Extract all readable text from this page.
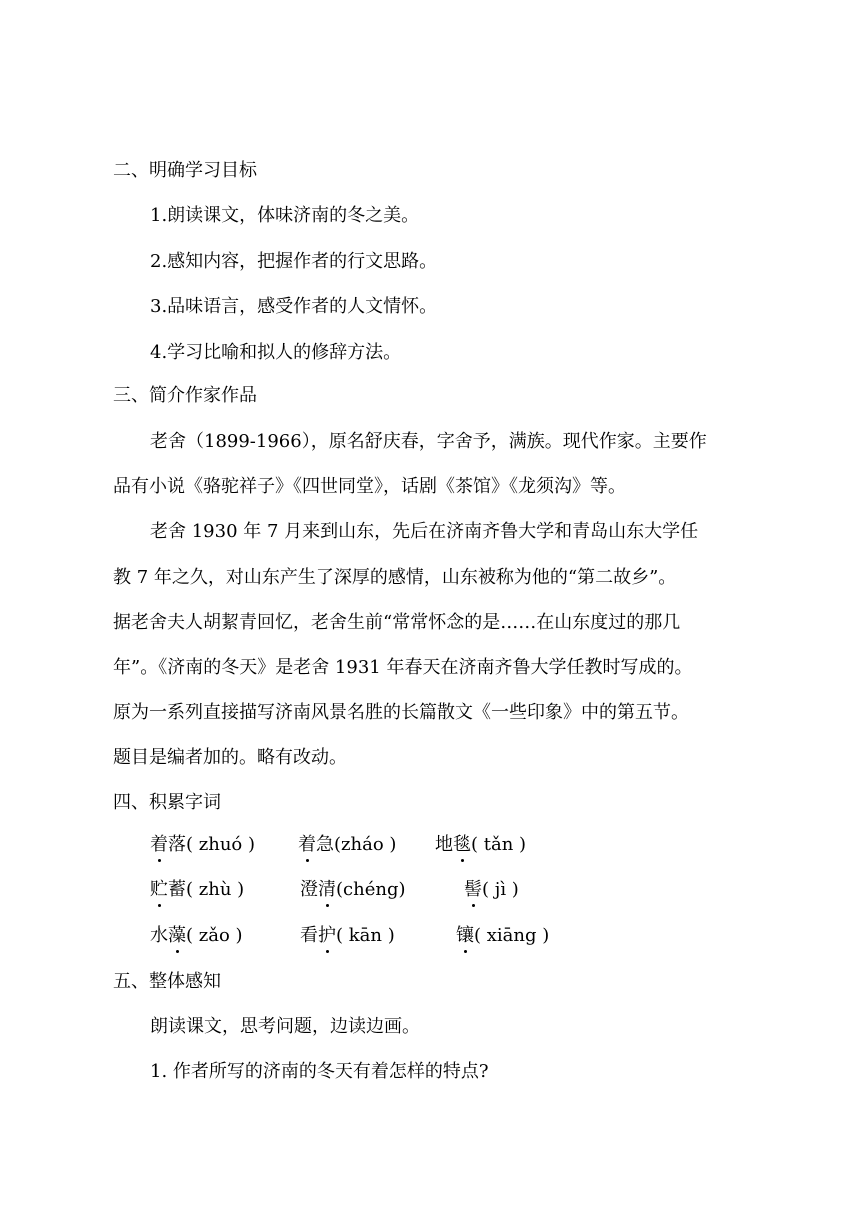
二、明确学习目标
1.朗读课文，体味济南的冬之美。
2.感知内容，把握作者的行文思路。
3.品味语言，感受作者的人文情怀。
4.学习比喻和拟人的修辞方法。
三、简介作家作品
老舍（1899-1966），原名舒庆春，字舍予，满族。现代作家。主要作
品有小说《骆驼祥子》《四世同堂》，话剧《茶馆》《龙须沟》等。
老舍 1930 年 7 月来到山东，先后在济南齐鲁大学和青岛山东大学任
教 7 年之久，对山东产生了深厚的感情，山东被称为他的“第二故乡”。
据老舍夫人胡絜青回忆，老舍生前“常常怀念的是……在山东度过的那几
年”。《济南的冬天》是老舍 1931 年春天在济南齐鲁大学任教时写成的。
原为一系列直接描写济南风景名胜的长篇散文《一些印象》中的第五节。
题目是编者加的。略有改动。
四、积累字词
着落( zhuó ) 着急(zháo ) 地毯( tǎn )
贮蓄( zhù )	澄清(chéng)	髻( jì )
水藻( zǎo )	看护( kān )	镶( xiāng )
五、整体感知
朗读课文，思考问题，边读边画。
1. 作者所写的济南的冬天有着怎样的特点?
